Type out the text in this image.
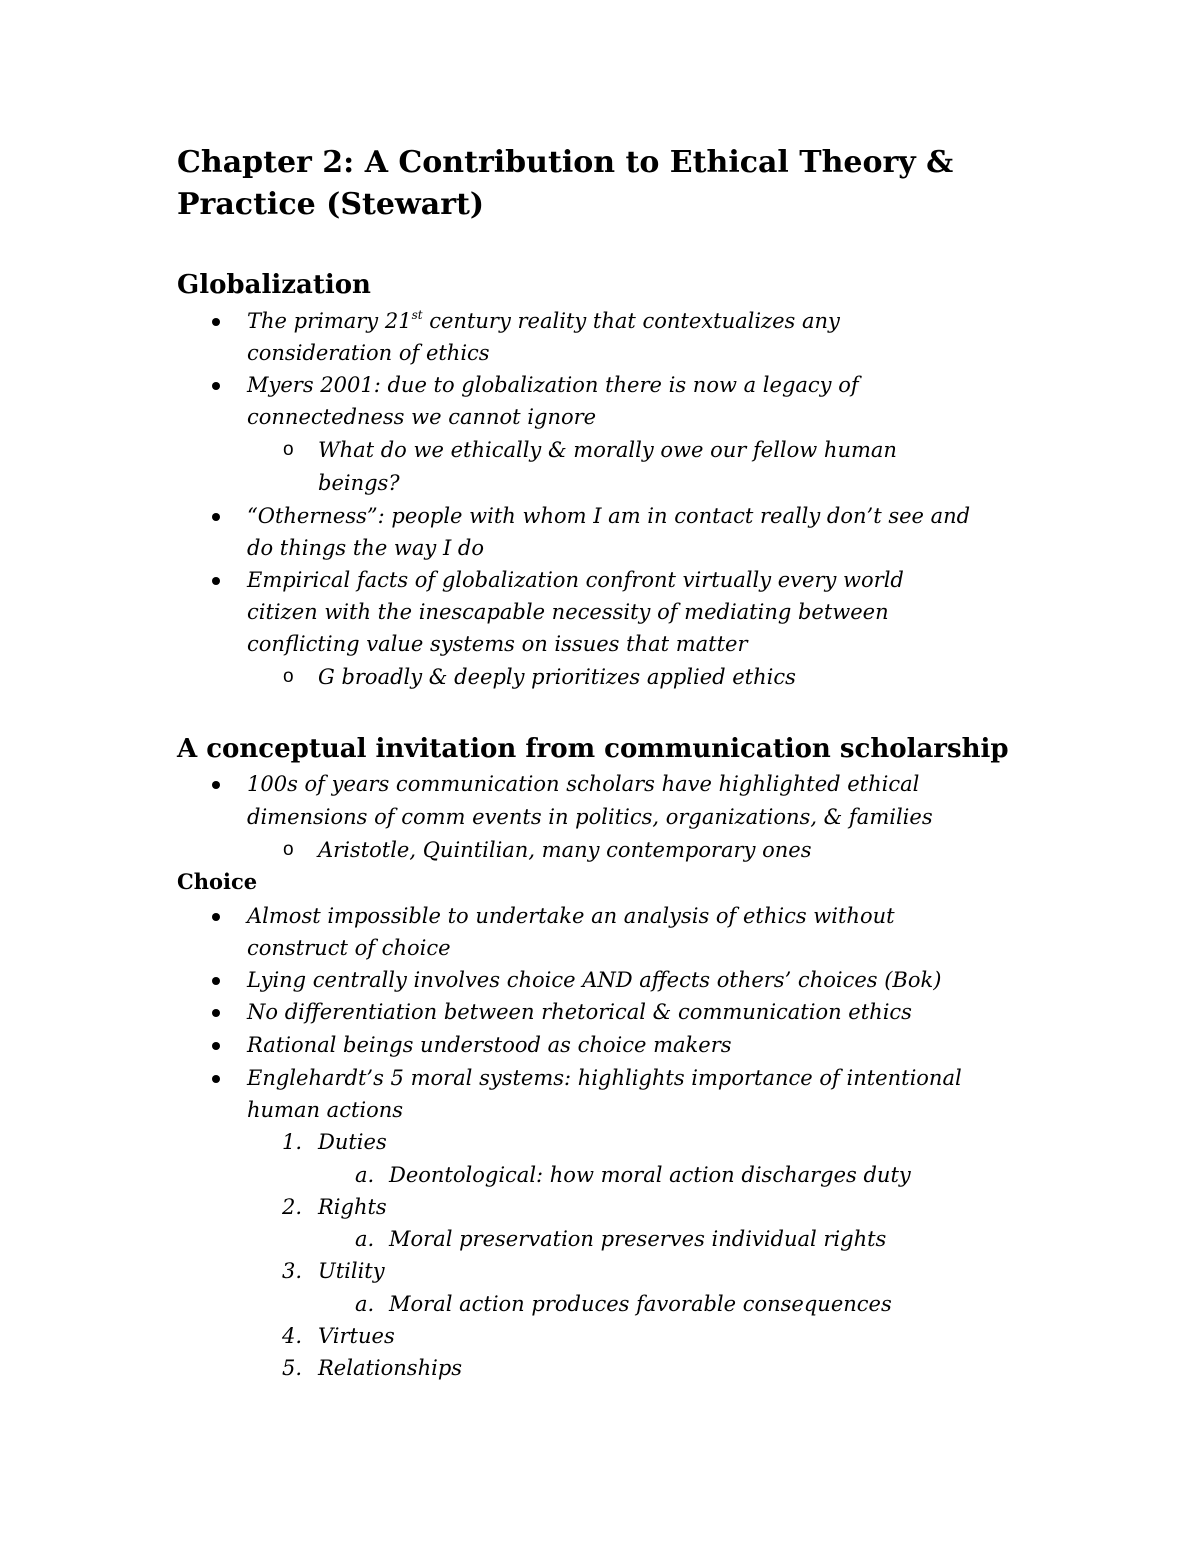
Chapter 2: A Contribution to Ethical Theory & Practice (Stewart)
Globalization
The primary 21st century reality that contextualizes any
consideration of ethics
Myers 2001: due to globalization there is now a legacy of
connectedness we cannot ignore
o What do we ethically & morally owe our fellow human
beings?
“Otherness”: people with whom I am in contact really don’t see and
do things the way I do
Empirical facts of globalization confront virtually every world
citizen with the inescapable necessity of mediating between
conflicting value systems on issues that matter
o G broadly & deeply prioritizes applied ethics
A conceptual invitation from communication scholarship
100s of years communication scholars have highlighted ethical
dimensions of comm events in politics, organizations, & families
o Aristotle, Quintilian, many contemporary ones
Choice
Almost impossible to undertake an analysis of ethics without
construct of choice
Lying centrally involves choice AND affects others’ choices (Bok)
No differentiation between rhetorical & communication ethics
Rational beings understood as choice makers
Englehardt’s 5 moral systems: highlights importance of intentional
human actions
1. Duties
a. Deontological: how moral action discharges duty
2. Rights
a. Moral preservation preserves individual rights
3. Utility
a. Moral action produces favorable consequences
4. Virtues
5. Relationships
